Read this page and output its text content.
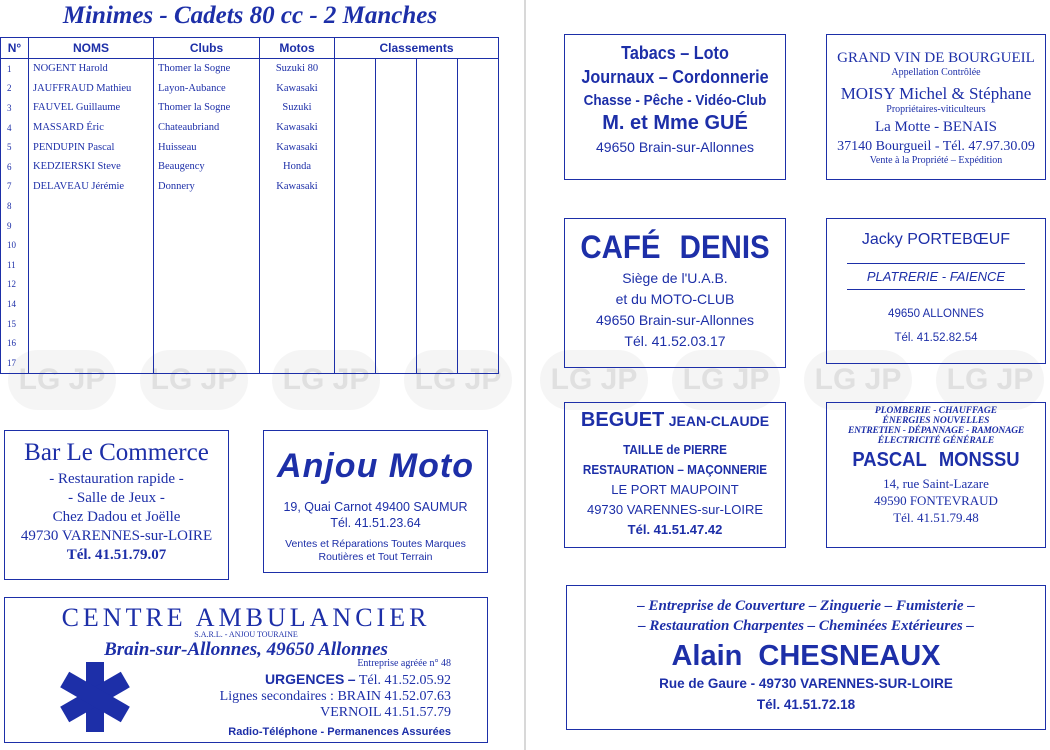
LG JP	LG JP	LG JP	LG JP	LG JP	LG JP	LG JP	LG JP
Minimes - Cadets 80 cc - 2 Manches
N°	NOMS	Clubs	Motos	Classements			
1	NOGENT Harold	Thomer la Sogne	Suzuki 80				
2	JAUFFRAUD Mathieu	Layon-Aubance	Kawasaki				
3	FAUVEL Guillaume	Thomer la Sogne	Suzuki				
4	MASSARD Éric	Chateaubriand	Kawasaki				
5	PENDUPIN Pascal	Huisseau	Kawasaki				
6	KEDZIERSKI Steve	Beaugency	Honda				
7	DELAVEAU Jérémie	Donnery	Kawasaki				
8							
9							
10							
11							
12							
14							
15							
16							
17							
Bar Le Commerce
- Restauration rapide -
- Salle de Jeux -
Chez Dadou et Joëlle
49730 VARENNES-sur-LOIRE
Tél. 41.51.79.07
Anjou Moto
19, Quai Carnot 49400 SAUMUR
Tél. 41.51.23.64
Ventes et Réparations Toutes Marques
Routières et Tout Terrain
CENTRE AMBULANCIER
S.A.R.L. - ANJOU TOURAINE
Brain-sur-Allonnes, 49650 Allonnes
Entreprise agréée n° 48
URGENCES – Tél. 41.52.05.92
Lignes secondaires : BRAIN 41.52.07.63
VERNOIL 41.51.57.79
Radio-Téléphone - Permanences Assurées
Tabacs – Loto
Journaux – Cordonnerie
Chasse - Pêche - Vidéo-Club
M. et Mme GUÉ
49650 Brain-sur-Allonnes
GRAND VIN DE BOURGUEIL
Appellation Contrôlée
MOISY Michel & Stéphane
Propriétaires-viticulteurs
La Motte - BENAIS
37140 Bourgueil - Tél. 47.97.30.09
Vente à la Propriété – Expédition
CAFÉ DENIS
Siège de l'U.A.B.
et du MOTO-CLUB
49650 Brain-sur-Allonnes
Tél. 41.52.03.17
Jacky PORTEBŒUF
PLATRERIE - FAIENCE
49650 ALLONNES
Tél. 41.52.82.54
BEGUET JEAN-CLAUDE
TAILLE de PIERRE
RESTAURATION – MAÇONNERIE
LE PORT MAUPOINT
49730 VARENNES-sur-LOIRE
Tél. 41.51.47.42
PLOMBERIE - CHAUFFAGE
ÉNERGIES NOUVELLES
ENTRETIEN - DÉPANNAGE - RAMONAGE
ÉLECTRICITÉ GÉNÉRALE
PASCAL MONSSU
14, rue Saint-Lazare
49590 FONTEVRAUD
Tél. 41.51.79.48
– Entreprise de Couverture – Zinguerie – Fumisterie –
– Restauration Charpentes – Cheminées Extérieures –
Alain CHESNEAUX
Rue de Gaure - 49730 VARENNES-SUR-LOIRE
Tél. 41.51.72.18
